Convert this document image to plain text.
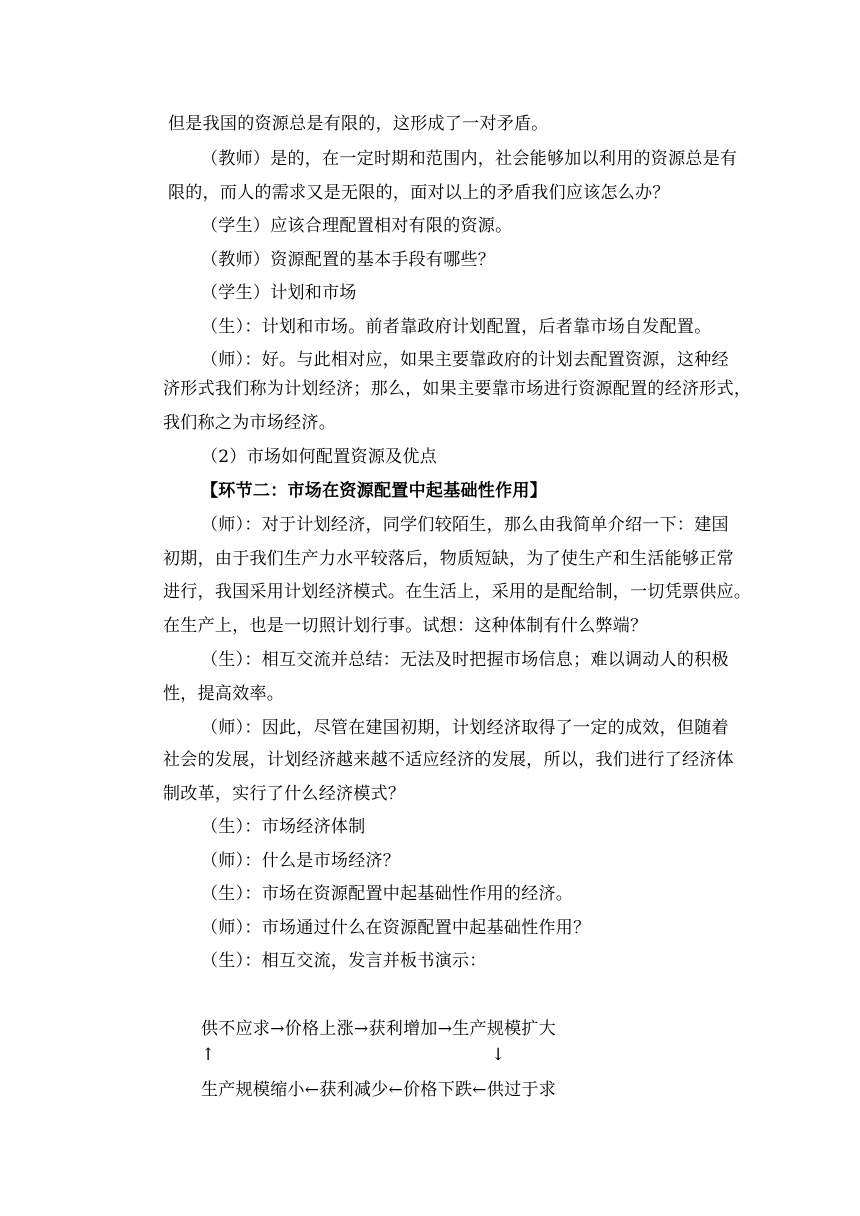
但是我国的资源总是有限的，这形成了一对矛盾。
（教师）是的，在一定时期和范围内，社会能够加以利用的资源总是有
限的，而人的需求又是无限的，面对以上的矛盾我们应该怎么办？
（学生）应该合理配置相对有限的资源。
（教师）资源配置的基本手段有哪些？
（学生）计划和市场
（生）：计划和市场。前者靠政府计划配置，后者靠市场自发配置。
（师）：好。与此相对应，如果主要靠政府的计划去配置资源，这种经
济形式我们称为计划经济；那么，如果主要靠市场进行资源配置的经济形式，
我们称之为市场经济。
（2）市场如何配置资源及优点
【环节二：市场在资源配置中起基础性作用】
（师）：对于计划经济，同学们较陌生，那么由我简单介绍一下：建国
初期，由于我们生产力水平较落后，物质短缺，为了使生产和生活能够正常
进行，我国采用计划经济模式。在生活上，采用的是配给制，一切凭票供应。
在生产上，也是一切照计划行事。试想：这种体制有什么弊端？
（生）：相互交流并总结：无法及时把握市场信息；难以调动人的积极
性，提高效率。
（师）：因此，尽管在建国初期，计划经济取得了一定的成效，但随着
社会的发展，计划经济越来越不适应经济的发展，所以，我们进行了经济体
制改革，实行了什么经济模式？
（生）：市场经济体制
（师）：什么是市场经济？
（生）：市场在资源配置中起基础性作用的经济。
（师）：市场通过什么在资源配置中起基础性作用？
（生）：相互交流，发言并板书演示：
供不应求→价格上涨→获利增加→生产规模扩大
↑	↓
生产规模缩小←获利减少←价格下跌←供过于求
